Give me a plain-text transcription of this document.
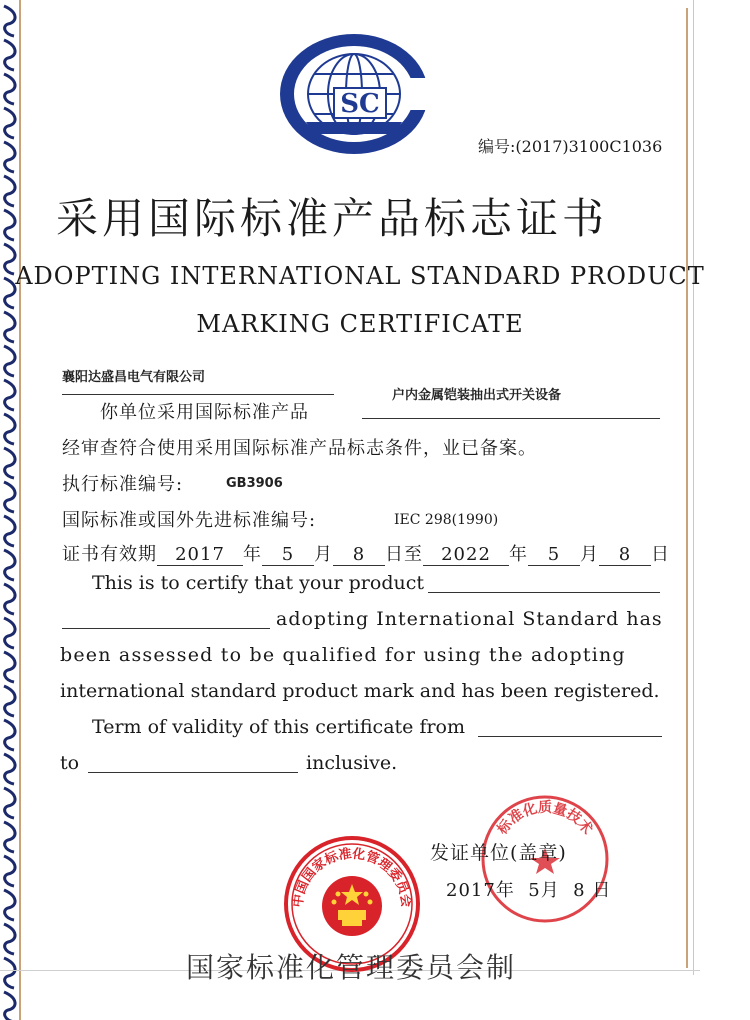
SC
编号:(2017)3100C1036
采用国际标准产品标志证书
ADOPTING INTERNATIONAL STANDARD PRODUCT
MARKING CERTIFICATE
襄阳达盛昌电气有限公司
户内金属铠装抽出式开关设备
你单位采用国际标准产品
经审查符合使用采用国际标准产品标志条件，业已备案。
执行标准编号:	GB3906
国际标准或国外先进标准编号:	IEC 298(1990)
证书有效期 2017 年 5 月 8 日至 2022 年 5 月 8 日
This is to certify that your product
adopting International Standard has
been assessed to be qualified for using the adopting
international standard product mark and has been registered.
Term of validity of this certificate from
to	inclusive.
标准化质量技术
发证单位(盖章)
2017年 5月 8 日
中国国家标准化管理委员会
国家标准化管理委员会制
